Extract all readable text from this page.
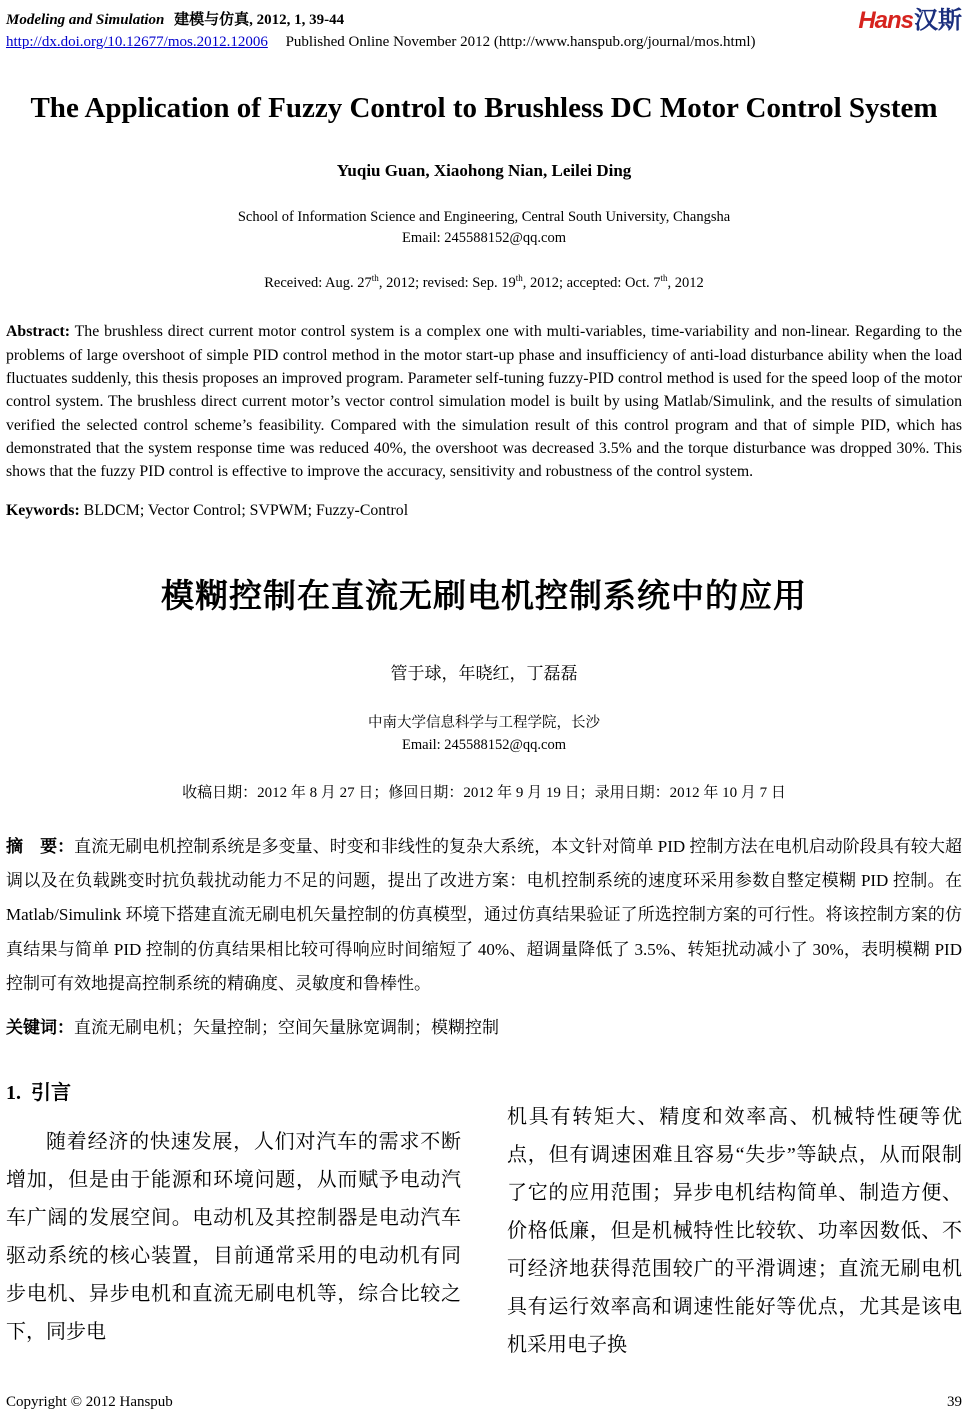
Modeling and Simulation 建模与仿真, 2012, 1, 39-44
http://dx.doi.org/10.12677/mos.2012.12006 Published Online November 2012 (http://www.hanspub.org/journal/mos.html)
Hans汉斯
The Application of Fuzzy Control to Brushless DC Motor Control System
Yuqiu Guan, Xiaohong Nian, Leilei Ding
School of Information Science and Engineering, Central South University, Changsha
Email: 245588152@qq.com
Received: Aug. 27th, 2012; revised: Sep. 19th, 2012; accepted: Oct. 7th, 2012

Abstract: The brushless direct current motor control system is a complex one with multi-variables, time-variability and non-linear. Regarding to the problems of large overshoot of simple PID control method in the motor start-up phase and insufficiency of anti-load disturbance ability when the load fluctuates suddenly, this thesis proposes an improved program. Parameter self-tuning fuzzy-PID control method is used for the speed loop of the motor control system. The brushless direct current motor’s vector control simulation model is built by using Matlab/Simulink, and the results of simulation verified the selected control scheme’s feasibility. Compared with the simulation result of this control program and that of simple PID, which has demonstrated that the system response time was reduced 40%, the overshoot was decreased 3.5% and the torque disturbance was dropped 30%. This shows that the fuzzy PID control is effective to improve the accuracy, sensitivity and robustness of the control system.

Keywords: BLDCM; Vector Control; SVPWM; Fuzzy-Control

模糊控制在直流无刷电机控制系统中的应用
管于球，年晓红，丁磊磊
中南大学信息科学与工程学院，长沙
Email: 245588152@qq.com
收稿日期：2012 年 8 月 27 日；修回日期：2012 年 9 月 19 日；录用日期：2012 年 10 月 7 日

摘　要：直流无刷电机控制系统是多变量、时变和非线性的复杂大系统，本文针对简单 PID 控制方法在电机启动阶段具有较大超调以及在负载跳变时抗负载扰动能力不足的问题，提出了改进方案：电机控制系统的速度环采用参数自整定模糊 PID 控制。在 Matlab/Simulink 环境下搭建直流无刷电机矢量控制的仿真模型，通过仿真结果验证了所选控制方案的可行性。将该控制方案的仿真结果与简单 PID 控制的仿真结果相比较可得响应时间缩短了 40%、超调量降低了 3.5%、转矩扰动减小了 30%，表明模糊 PID 控制可有效地提高控制系统的精确度、灵敏度和鲁棒性。

关键词：直流无刷电机；矢量控制；空间矢量脉宽调制；模糊控制

1. 引言

随着经济的快速发展，人们对汽车的需求不断增加，但是由于能源和环境问题，从而赋予电动汽车广阔的发展空间。电动机及其控制器是电动汽车驱动系统的核心装置，目前通常采用的电动机有同步电机、异步电机和直流无刷电机等，综合比较之下，同步电

机具有转矩大、精度和效率高、机械特性硬等优点，但有调速困难且容易“失步”等缺点，从而限制了它的应用范围；异步电机结构简单、制造方便、价格低廉，但是机械特性比较软、功率因数低、不可经济地获得范围较广的平滑调速；直流无刷电机具有运行效率高和调速性能好等优点，尤其是该电机采用电子换

Copyright © 2012 Hanspub	39
